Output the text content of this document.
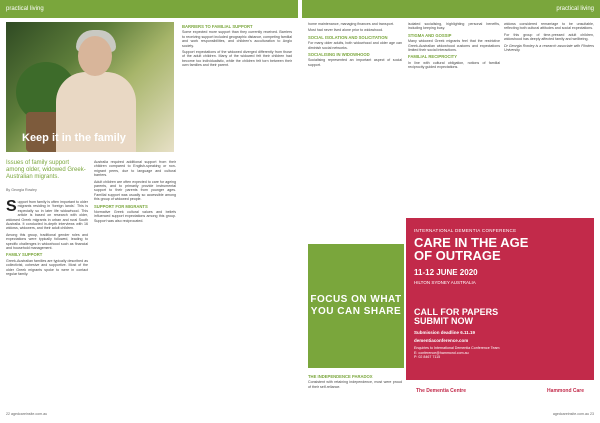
practical living	practical living
Keep it in the family
Issues of family support among older, widowed Greek-Australian migrants.
By Georgia Rowley
S upport from family is often important to older migrants residing in 'foreign lands'. This is especially so in later life widowhood. This article is based on research with older, widowed Greek migrants in urban and rural South Australia. It conducted in-depth interviews with 16 widows, widowers, and their adult children.

Among this group, traditional gender roles and expectations were typically followed, leading to specific challenges in widowhood such as financial and household management.

FAMILY SUPPORT

Greek-Australian families are typically described as collectivist, cohesive and supportive. Most of the older Greek migrants spoke to were in contact regular family.

Australia required additional support from their children compared to English-speaking or non-migrant peers, due to language and cultural barriers.

Adult children are often expected to care for ageing parents, and to primarily provide instrumental support to their parents from younger ages. Familial support was usually so accessible among this group of widowed people.

SUPPORT FOR MIGRANTS

Normative Greek cultural values and beliefs influenced support expectations among this group. Support was also reciprocated.

BARRIERS TO FAMILIAL SUPPORT

Some expected more support than they currently received. Barriers to receiving support included geographic distance, competing familial and work responsibilities, and children's acculturation to Anglo society.

Support expectations of the widowed diverged differently from those of the adult children. Many of the widowed felt their children had become too individualistic, while the children felt torn between their own families and their parent.

home maintenance, managing finances and transport.

Most had never lived alone prior to widowhood.

SOCIAL ISOLATION AND SOLICITATION

For many older adults, both widowhood and older age can diminish social networks.

SOCIALISING IN WIDOWHOOD

Socialising represented an important aspect of social support.

THE INDEPENDENCE PARADOX

Consistent with retaining independence, most were proud of their self-reliance.

FOCUS ON WHAT YOU CAN SHARE

isolated socialising, highlighting personal benefits, including keeping busy.

STIGMA AND GOSSIP

Many widowed Greek migrants feel that the restrictive Greek-Australian widowhood customs and expectations limited their social interactions.

FAMILIAL RECIPROCITY

In line with cultural obligation, notions of familial reciprocity guided expectations.

widows considered remarriage to be unsuitable, reflecting both cultural attitudes and social expectations.

For this group of time-pressed adult children, widowhood has deeply affected family and wellbeing.

Dr Georgia Rowley is a research associate with Flinders University.

INTERNATIONAL DEMENTIA CONFERENCE
CARE IN THE AGE
OF OUTRAGE
11-12 JUNE 2020
HILTON SYDNEY AUSTRALIA
CALL FOR PAPERS
SUBMIT NOW
Submission deadline 6.11.19
dementiaconference.com
Enquiries to International Dementia Conference Team
E: conference@hammond.com.au
P: 02 8467 7115
The Dementia Centre	Hammond Care
22 agedcareinsite.com.au	agedcareinsite.com.au 23
